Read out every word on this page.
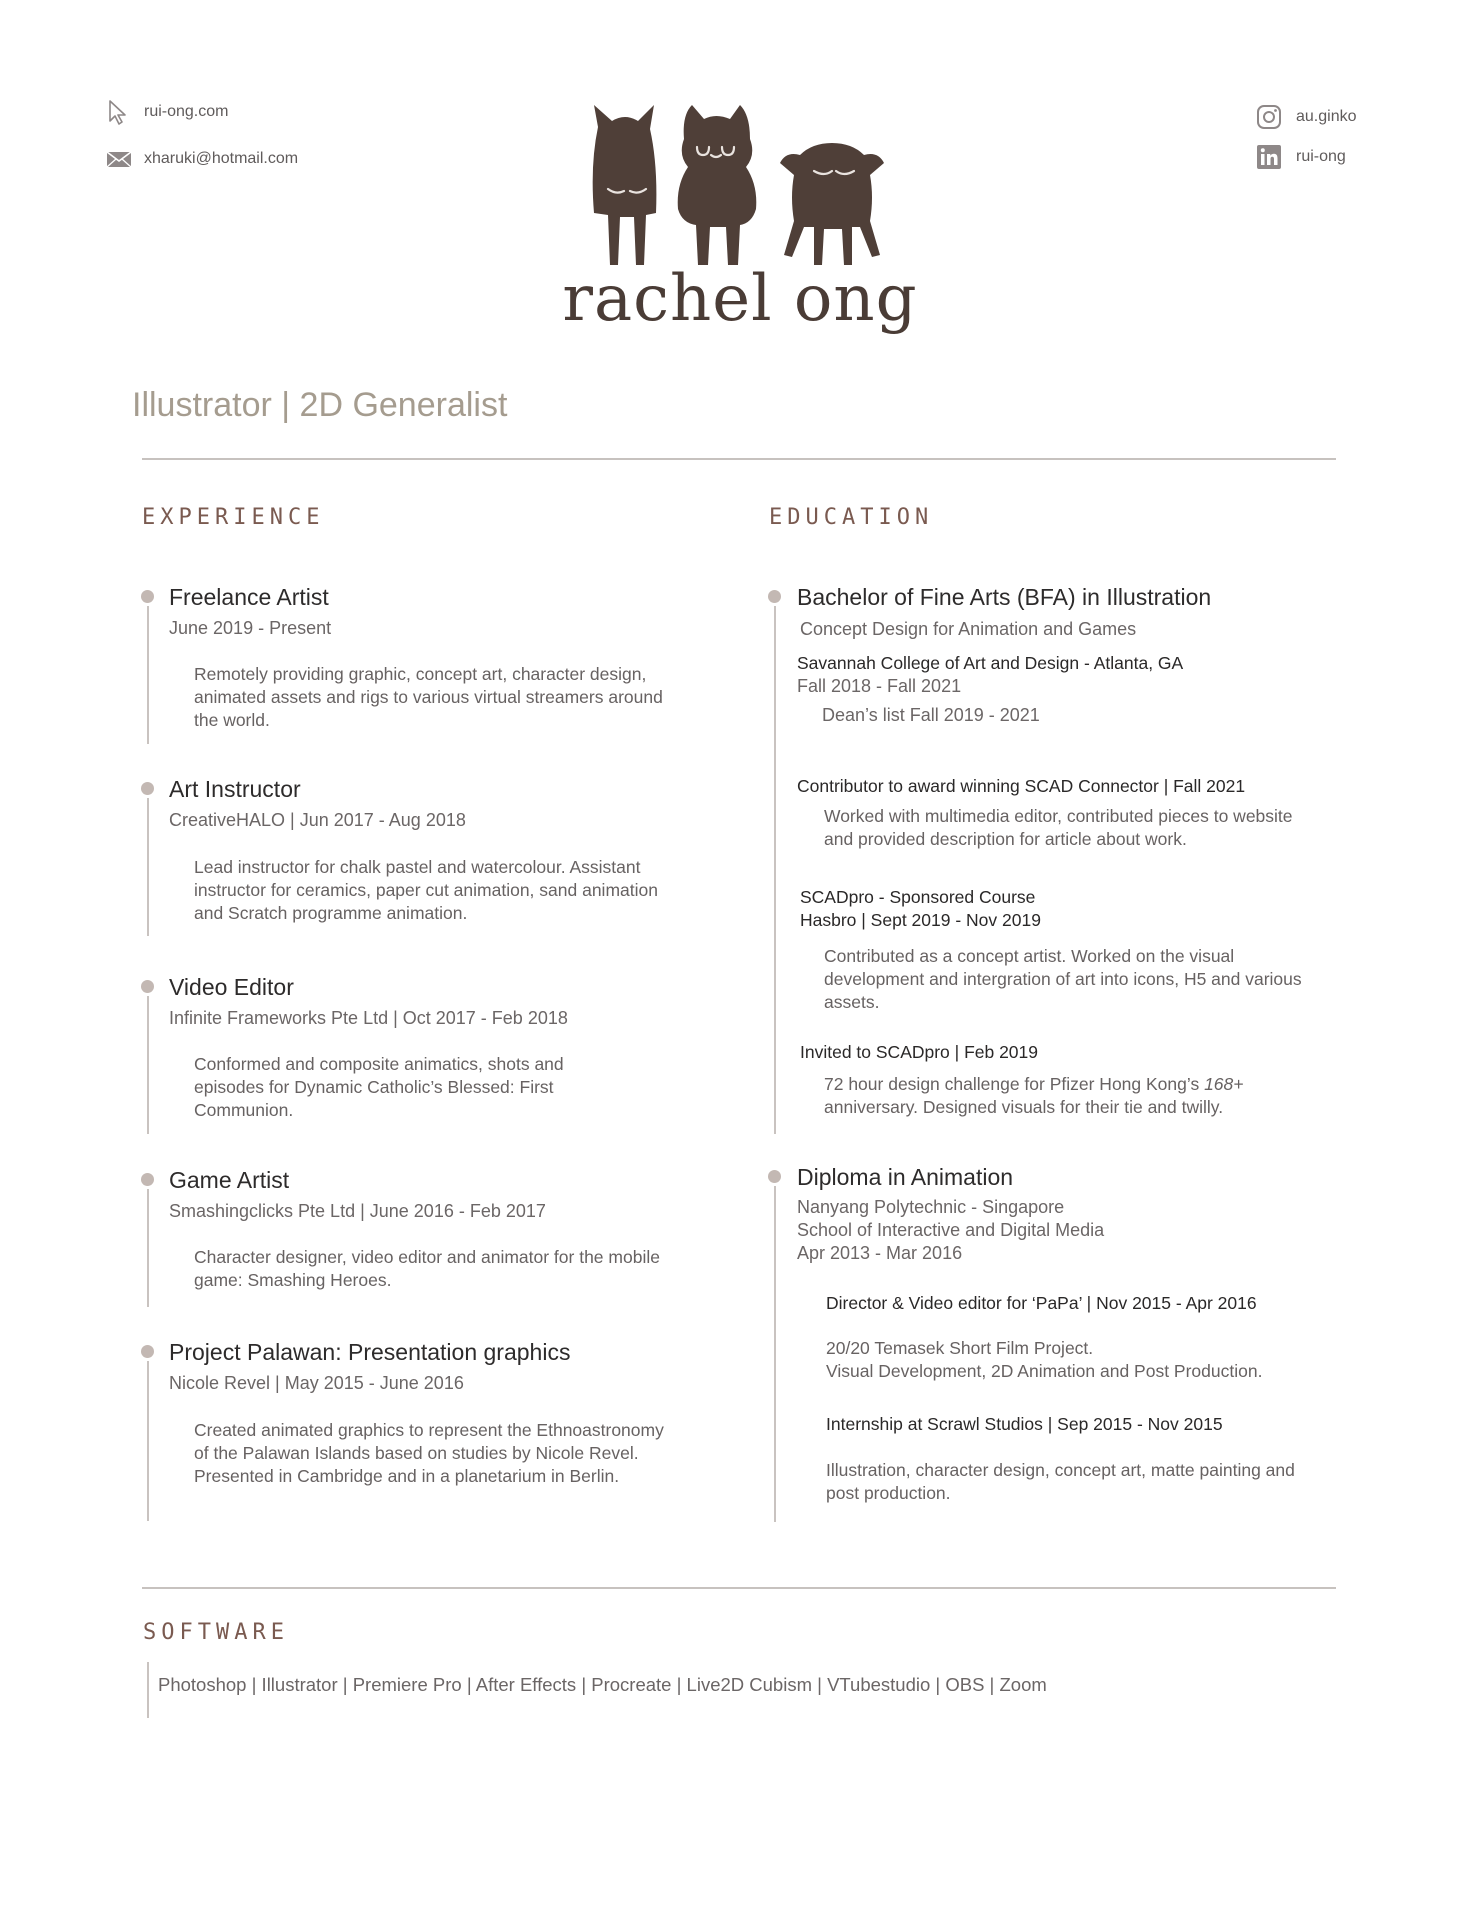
rui-ong.com
xharuki@hotmail.com
au.ginko
rui-ong
rachel ong
Illustrator | 2D Generalist
EXPERIENCE	EDUCATION
Freelance Artist
June 2019 - Present
Remotely providing graphic, concept art, character design, animated assets and rigs to various virtual streamers around the world.
Art Instructor
CreativeHALO | Jun 2017 - Aug 2018
Lead instructor for chalk pastel and watercolour. Assistant instructor for ceramics, paper cut animation, sand animation and Scratch programme animation.
Video Editor
Infinite Frameworks Pte Ltd | Oct 2017 - Feb 2018
Conformed and composite animatics, shots and episodes for Dynamic Catholic’s Blessed: First Communion.
Game Artist
Smashingclicks Pte Ltd | June 2016 - Feb 2017
Character designer, video editor and animator for the mobile game: Smashing Heroes.
Project Palawan: Presentation graphics
Nicole Revel | May 2015 - June 2016
Created animated graphics to represent the Ethnoastronomy of the Palawan Islands based on studies by Nicole Revel. Presented in Cambridge and in a planetarium in Berlin.
Bachelor of Fine Arts (BFA) in Illustration
Concept Design for Animation and Games
Savannah College of Art and Design - Atlanta, GA
Fall 2018 - Fall 2021
Dean’s list Fall 2019 - 2021
Contributor to award winning SCAD Connector | Fall 2021
Worked with multimedia editor, contributed pieces to website and provided description for article about work.
SCADpro - Sponsored Course
Hasbro | Sept 2019 - Nov 2019
Contributed as a concept artist. Worked on the visual development and intergration of art into icons, H5 and various assets.
Invited to SCADpro | Feb 2019
72 hour design challenge for Pfizer Hong Kong’s 168+ anniversary. Designed visuals for their tie and twilly.
Diploma in Animation
Nanyang Polytechnic - Singapore
School of Interactive and Digital Media
Apr 2013 - Mar 2016
Director & Video editor for ‘PaPa’ | Nov 2015 - Apr 2016
20/20 Temasek Short Film Project.
Visual Development, 2D Animation and Post Production.
Internship at Scrawl Studios | Sep 2015 - Nov 2015
Illustration, character design, concept art, matte painting and post production.
SOFTWARE
Photoshop | Illustrator | Premiere Pro | After Effects | Procreate | Live2D Cubism | VTubestudio | OBS | Zoom
